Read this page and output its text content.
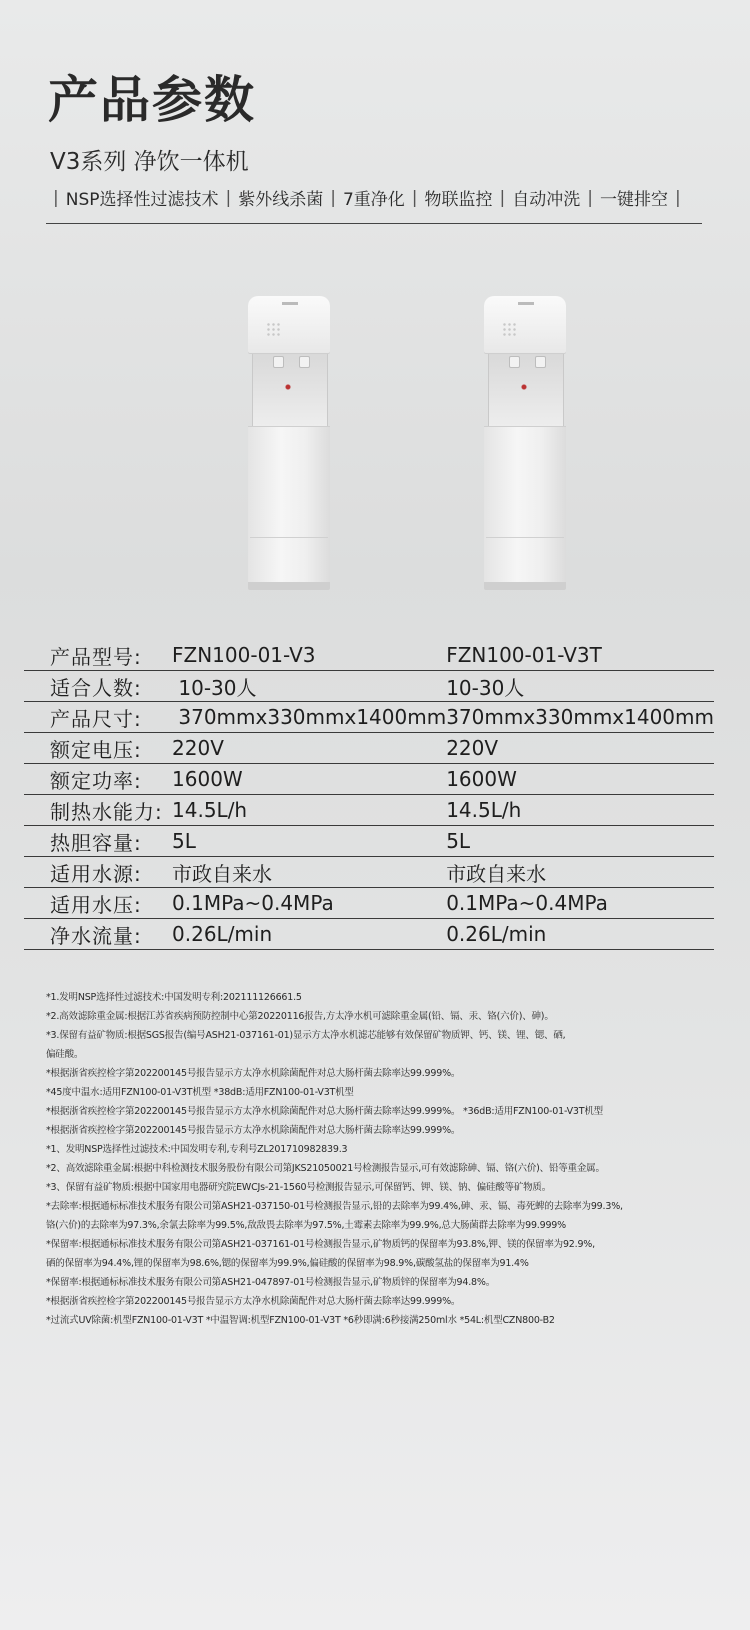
产品参数
V3系列 净饮一体机
| NSP选择性过滤技术 | 紫外线杀菌 | 7重净化 | 物联监控 | 自动冲洗 | 一键排空 |
产品型号:	FZN100-01-V3	FZN100-01-V3T
适合人数:	10-30人	10-30人
产品尺寸:	370mmx330mmx1400mm	370mmx330mmx1400mm
额定电压:	220V	220V
额定功率:	1600W	1600W
制热水能力:	14.5L/h	14.5L/h
热胆容量:	5L	5L
适用水源:	市政自来水	市政自来水
适用水压:	0.1MPa~0.4MPa	0.1MPa~0.4MPa
净水流量:	0.26L/min	0.26L/min
*1.发明NSP选择性过滤技术:中国发明专利:202111126661.5
*2.高效滤除重金属:根据江苏省疾病预防控制中心第20220116报告,方太净水机可滤除重金属(铅、镉、汞、铬(六价)、砷)。
*3.保留有益矿物质:根据SGS报告(编号ASH21-037161-01)显示方太净水机滤芯能够有效保留矿物质钾、钙、镁、锂、锶、硒,
偏硅酸。
*根据浙省疾控检字第202200145号报告显示方太净水机除菌配件对总大肠杆菌去除率达99.999%。
*45度中温水:适用FZN100-01-V3T机型 *38dB:适用FZN100-01-V3T机型
*根据浙省疾控检字第202200145号报告显示方太净水机除菌配件对总大肠杆菌去除率达99.999%。 *36dB:适用FZN100-01-V3T机型
*根据浙省疾控检字第202200145号报告显示方太净水机除菌配件对总大肠杆菌去除率达99.999%。
*1、发明NSP选择性过滤技术:中国发明专利,专利号ZL201710982839.3
*2、高效滤除重金属:根据中科检测技术服务股份有限公司第JKS21050021号检测报告显示,可有效滤除砷、镉、铬(六价)、铅等重金属。
*3、保留有益矿物质:根据中国家用电器研究院EWCJs-21-1560号检测报告显示,可保留钙、钾、镁、钠、偏硅酸等矿物质。
*去除率:根据通标标准技术服务有限公司第ASH21-037150-01号检测报告显示,铅的去除率为99.4%,砷、汞、镉、毒死蜱的去除率为99.3%,
铬(六价)的去除率为97.3%,余氯去除率为99.5%,敌敌畏去除率为97.5%,土霉素去除率为99.9%,总大肠菌群去除率为99.999%
*保留率:根据通标标准技术服务有限公司第ASH21-037161-01号检测报告显示,矿物质钙的保留率为93.8%,钾、镁的保留率为92.9%,
硒的保留率为94.4%,锂的保留率为98.6%,锶的保留率为99.9%,偏硅酸的保留率为98.9%,碳酸氢盐的保留率为91.4%
*保留率:根据通标标准技术服务有限公司第ASH21-047897-01号检测报告显示,矿物质锌的保留率为94.8%。
*根据浙省疾控检字第202200145号报告显示方太净水机除菌配件对总大肠杆菌去除率达99.999%。
*过流式UV除菌:机型FZN100-01-V3T *中温智调:机型FZN100-01-V3T *6秒即满:6秒接满250ml水 *54L:机型CZN800-B2
